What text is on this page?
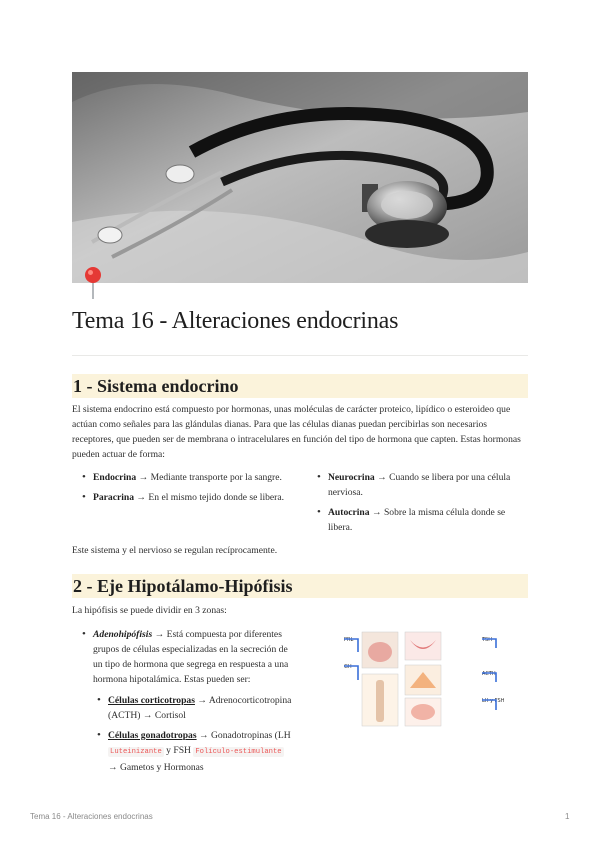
Tema 16 - Alteraciones endocrinas
1 - Sistema endocrino

El sistema endocrino está compuesto por hormonas, unas moléculas de carácter proteico, lipídico o esteroideo que actúan como señales para las glándulas dianas. Para que las células dianas puedan percibirlas son necesarios receptores, que pueden ser de membrana o intracelulares en función del tipo de hormona que capten. Estas hormonas pueden actuar de forma:

• Endocrina → Mediante transporte por la sangre.
• Paracrina → En el mismo tejido donde se libera.
• Neurocrina → Cuando se libera por una célula nerviosa.
• Autocrina → Sobre la misma célula donde se libera.

Este sistema y el nervioso se regulan recíprocamente.

2 - Eje Hipotálamo-Hipófisis

La hipófisis se puede dividir en 3 zonas:

• Adenohipófisis → Está compuesta por diferentes grupos de células especializadas en la secreción de un tipo de hormona que segrega en respuesta a una hormona hipotalámica. Estas pueden ser:
• Células corticotropas → Adrenocorticotropina (ACTH) → Cortisol
• Células gonadotropas → Gonadotropinas (LH Luteinizante y FSH Folículo-estimulante → Gametos y Hormonas
PRL
GH
TSH
ACTH
LH y FSH
Tema 16 - Alteraciones endocrinas	1
